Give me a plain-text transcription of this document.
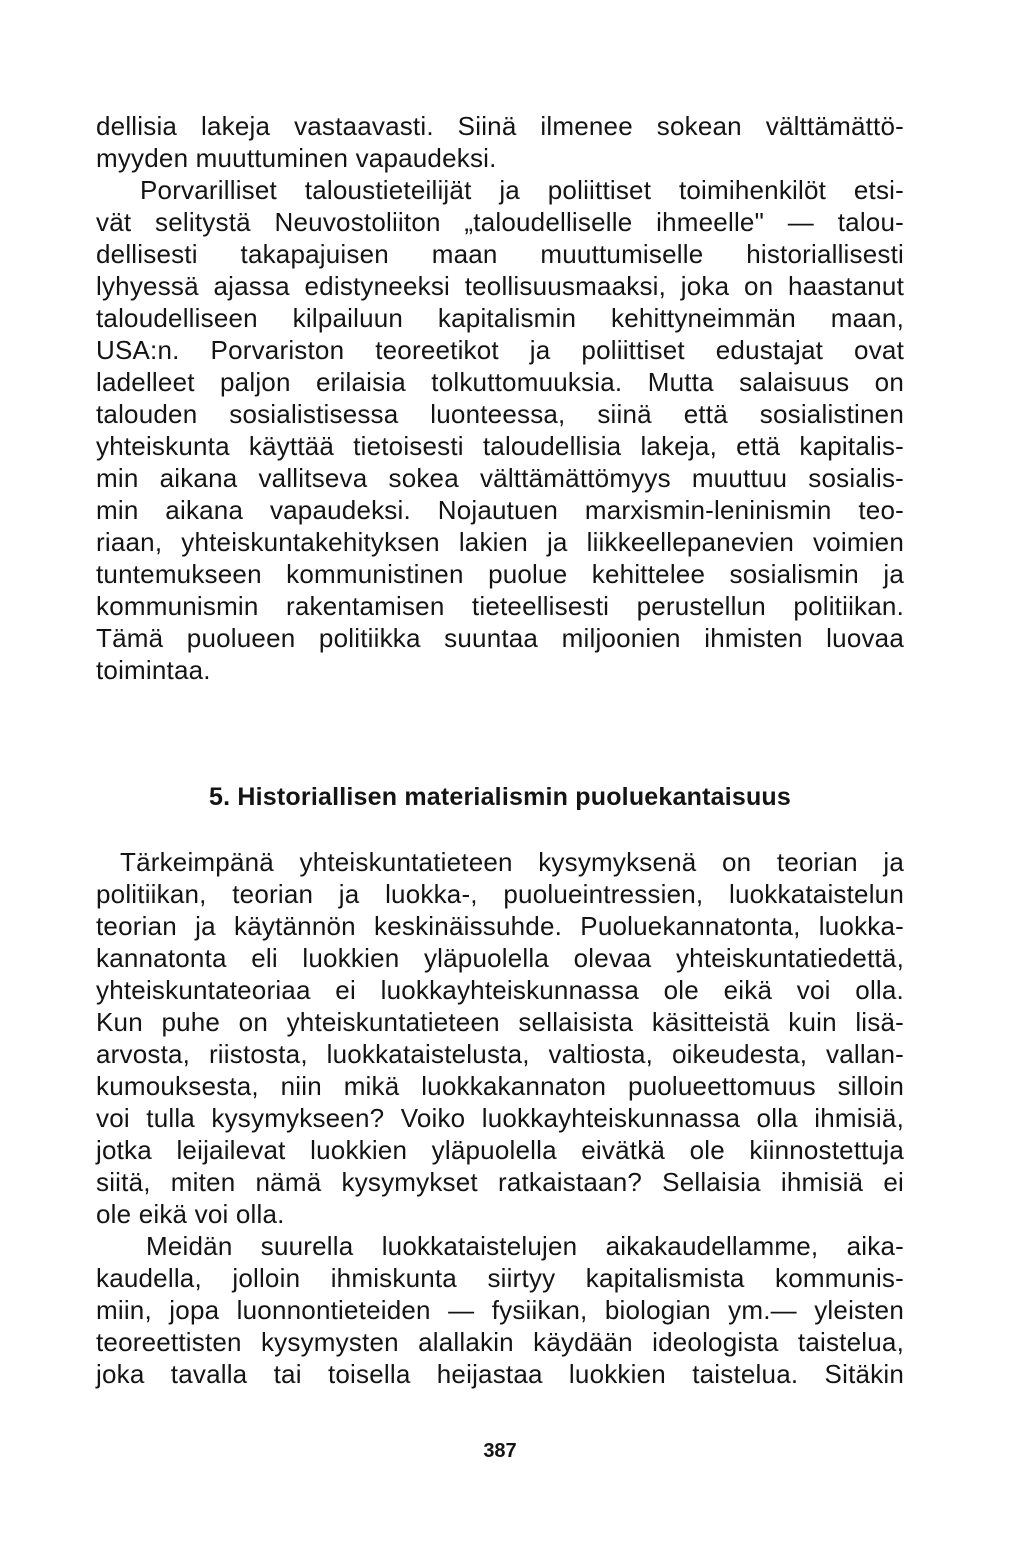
dellisia lakeja vastaavasti. Siinä ilmenee sokean välttämättö-
myyden muuttuminen vapaudeksi.
Porvarilliset taloustieteilijät ja poliittiset toimihenkilöt etsi-
vät selitystä Neuvostoliiton „taloudelliselle ihmeelle" — talou-
dellisesti takapajuisen maan muuttumiselle historiallisesti
lyhyessä ajassa edistyneeksi teollisuusmaaksi, joka on haastanut
taloudelliseen kilpailuun kapitalismin kehittyneimmän maan,
USA:n. Porvariston teoreetikot ja poliittiset edustajat ovat
ladelleet paljon erilaisia tolkuttomuuksia. Mutta salaisuus on
talouden sosialistisessa luonteessa, siinä että sosialistinen
yhteiskunta käyttää tietoisesti taloudellisia lakeja, että kapitalis-
min aikana vallitseva sokea välttämättömyys muuttuu sosialis-
min aikana vapaudeksi. Nojautuen marxismin-leninismin teo-
riaan, yhteiskuntakehityksen lakien ja liikkeellepanevien voimien
tuntemukseen kommunistinen puolue kehittelee sosialismin ja
kommunismin rakentamisen tieteellisesti perustellun politiikan.
Tämä puolueen politiikka suuntaa miljoonien ihmisten luovaa
toimintaa.
5. Historiallisen materialismin puoluekantaisuus
Tärkeimpänä yhteiskuntatieteen kysymyksenä on teorian ja
politiikan, teorian ja luokka-, puolueintressien, luokkataistelun
teorian ja käytännön keskinäissuhde. Puoluekannatonta, luokka-
kannatonta eli luokkien yläpuolella olevaa yhteiskuntatiedettä,
yhteiskuntateoriaa ei luokkayhteiskunnassa ole eikä voi olla.
Kun puhe on yhteiskuntatieteen sellaisista käsitteistä kuin lisä-
arvosta, riistosta, luokkataistelusta, valtiosta, oikeudesta, vallan-
kumouksesta, niin mikä luokkakannaton puolueettomuus silloin
voi tulla kysymykseen? Voiko luokkayhteiskunnassa olla ihmisiä,
jotka leijailevat luokkien yläpuolella eivätkä ole kiinnostettuja
siitä, miten nämä kysymykset ratkaistaan? Sellaisia ihmisiä ei
ole eikä voi olla.
Meidän suurella luokkataistelujen aikakaudellamme, aika-
kaudella, jolloin ihmiskunta siirtyy kapitalismista kommunis-
miin, jopa luonnontieteiden — fysiikan, biologian ym.— yleisten
teoreettisten kysymysten alallakin käydään ideologista taistelua,
joka tavalla tai toisella heijastaa luokkien taistelua. Sitäkin
387
